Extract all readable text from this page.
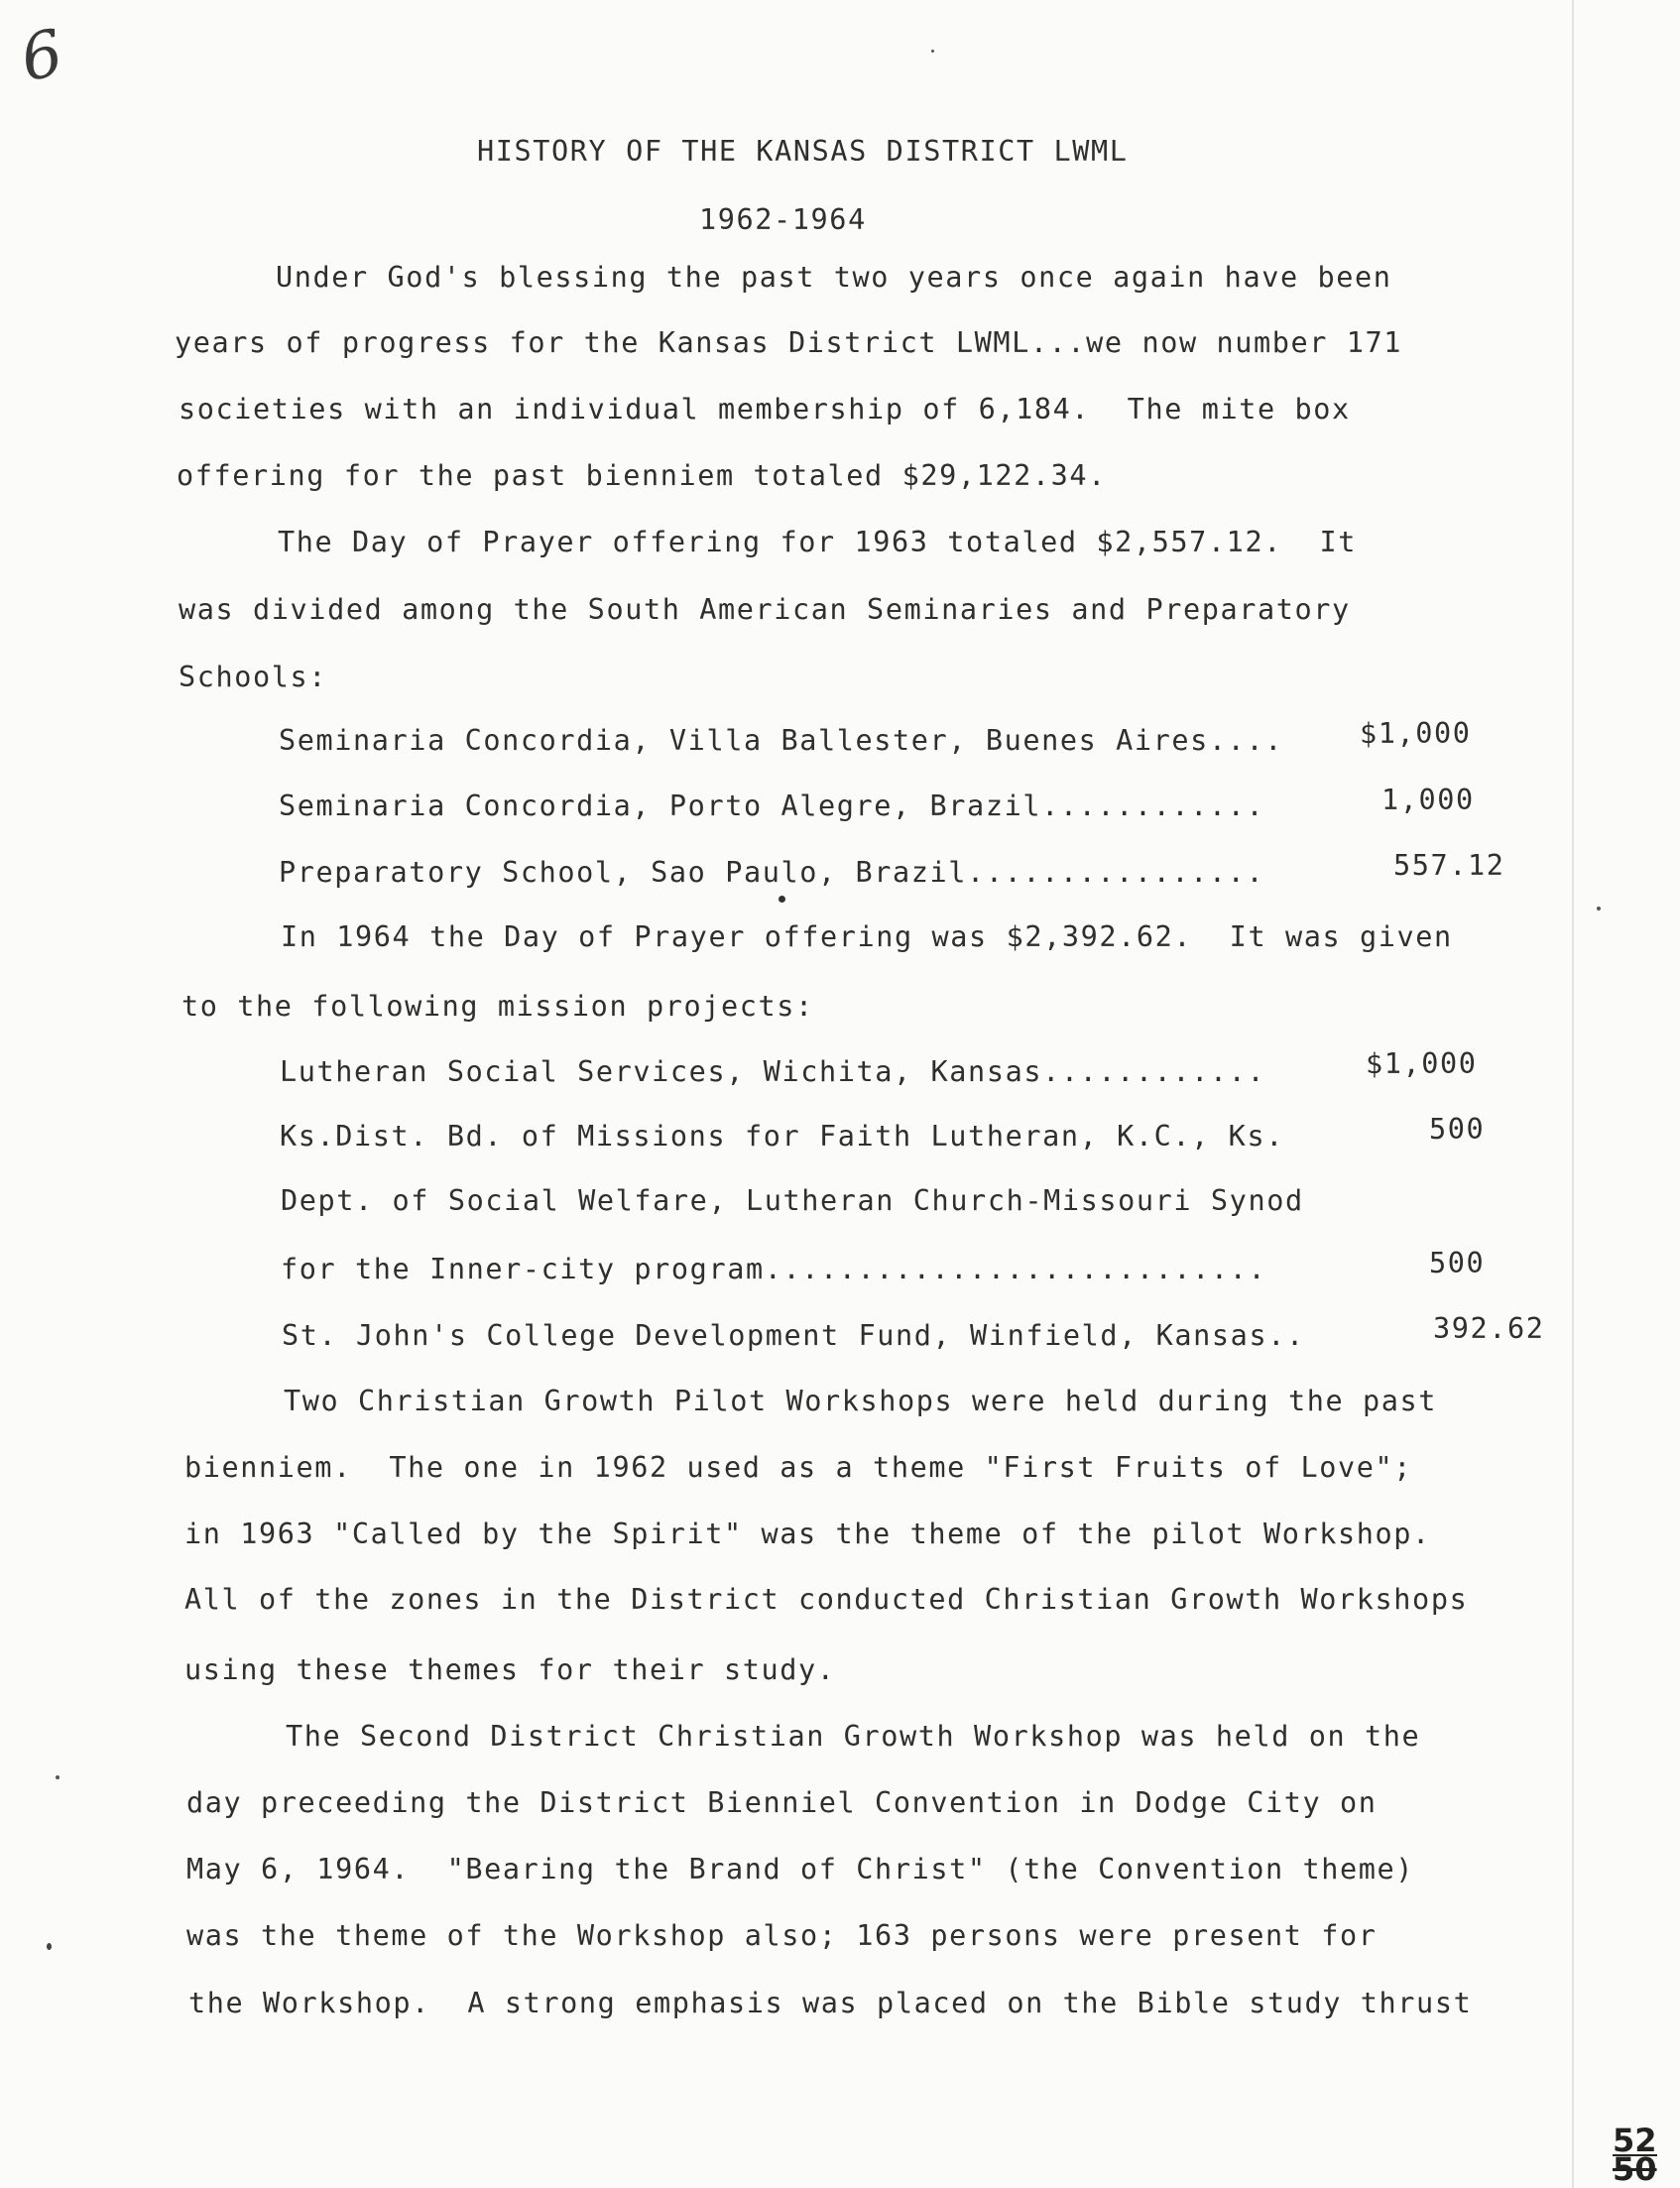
6
HISTORY OF THE KANSAS DISTRICT LWML
1962-1964
Under God's blessing the past two years once again have been
years of progress for the Kansas District LWML...we now number 171
societies with an individual membership of 6,184.  The mite box
offering for the past bienniem totaled $29,122.34.
The Day of Prayer offering for 1963 totaled $2,557.12.  It
was divided among the South American Seminaries and Preparatory
Schools:
Seminaria Concordia, Villa Ballester, Buenes Aires....	$1,000
Seminaria Concordia, Porto Alegre, Brazil............	1,000
Preparatory School, Sao Paulo, Brazil................	557.12
In 1964 the Day of Prayer offering was $2,392.62.  It was given
to the following mission projects:
Lutheran Social Services, Wichita, Kansas............	$1,000
Ks.Dist. Bd. of Missions for Faith Lutheran, K.C., Ks.	500
Dept. of Social Welfare, Lutheran Church-Missouri Synod
for the Inner-city program...........................	500
St. John's College Development Fund, Winfield, Kansas..	392.62
Two Christian Growth Pilot Workshops were held during the past
bienniem.  The one in 1962 used as a theme "First Fruits of Love";
in 1963 "Called by the Spirit" was the theme of the pilot Workshop.
All of the zones in the District conducted Christian Growth Workshops
using these themes for their study.
The Second District Christian Growth Workshop was held on the
day preceeding the District Bienniel Convention in Dodge City on
May 6, 1964.  "Bearing the Brand of Christ" (the Convention theme)
was the theme of the Workshop also; 163 persons were present for
the Workshop.  A strong emphasis was placed on the Bible study thrust
52
50
